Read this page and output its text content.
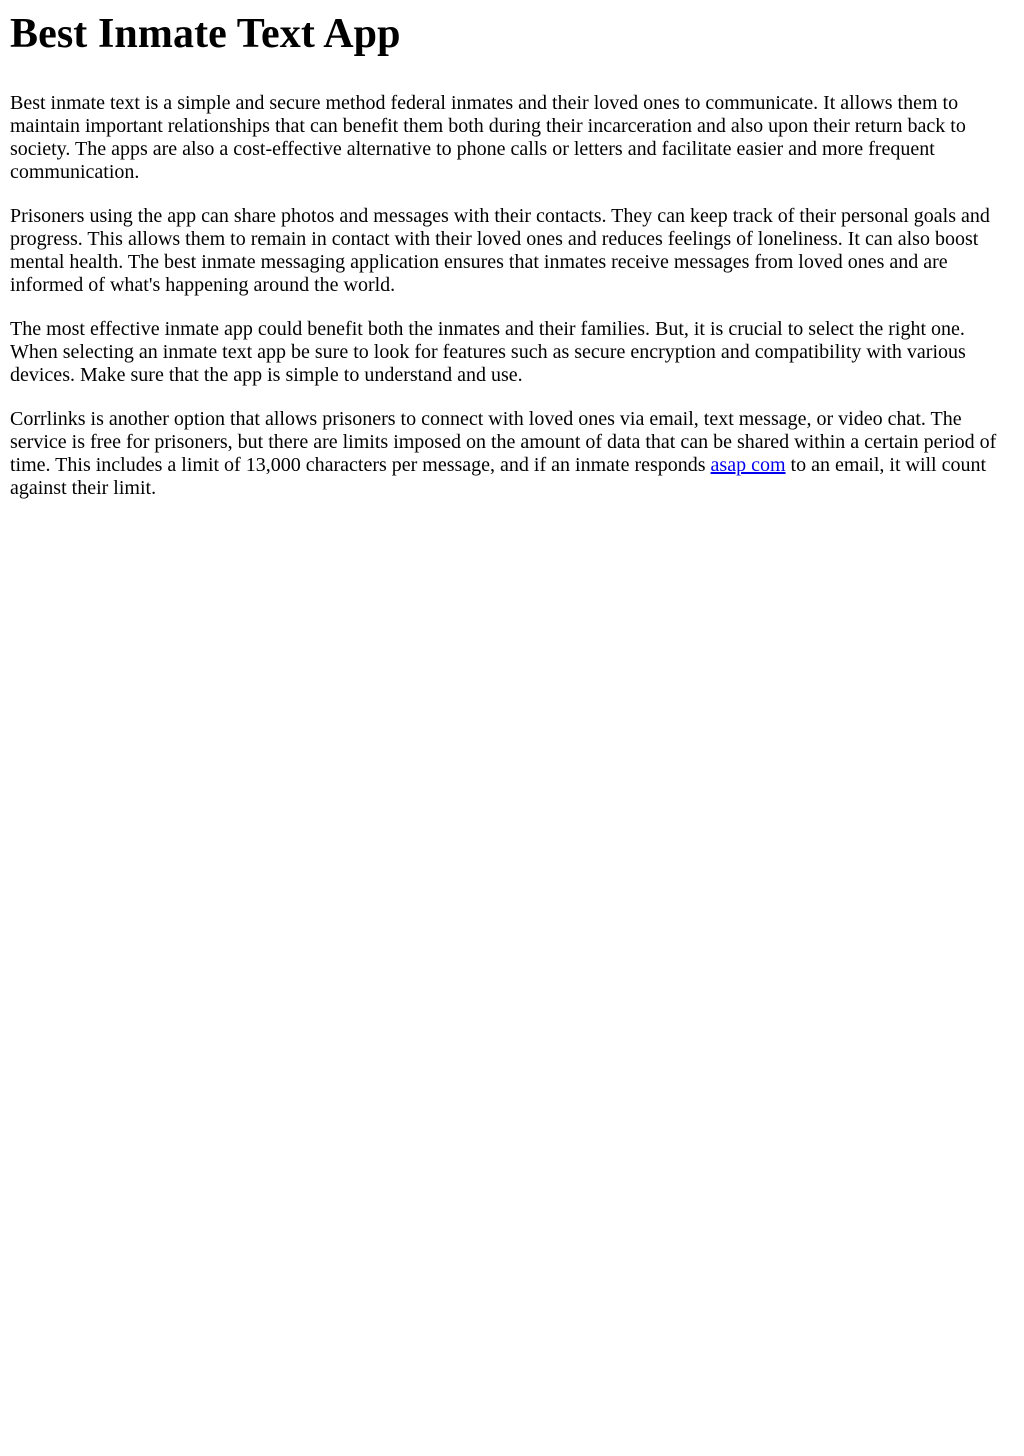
Best Inmate Text App

Best inmate text is a simple and secure method federal inmates and their loved ones to communicate. It allows them to maintain important relationships that can benefit them both during their incarceration and also upon their return back to society. The apps are also a cost-effective alternative to phone calls or letters and facilitate easier and more frequent communication.

Prisoners using the app can share photos and messages with their contacts. They can keep track of their personal goals and progress. This allows them to remain in contact with their loved ones and reduces feelings of loneliness. It can also boost mental health. The best inmate messaging application ensures that inmates receive messages from loved ones and are informed of what's happening around the world.

The most effective inmate app could benefit both the inmates and their families. But, it is crucial to select the right one. When selecting an inmate text app be sure to look for features such as secure encryption and compatibility with various devices. Make sure that the app is simple to understand and use.

Corrlinks is another option that allows prisoners to connect with loved ones via email, text message, or video chat. The service is free for prisoners, but there are limits imposed on the amount of data that can be shared within a certain period of time. This includes a limit of 13,000 characters per message, and if an inmate responds asap com to an email, it will count against their limit.
